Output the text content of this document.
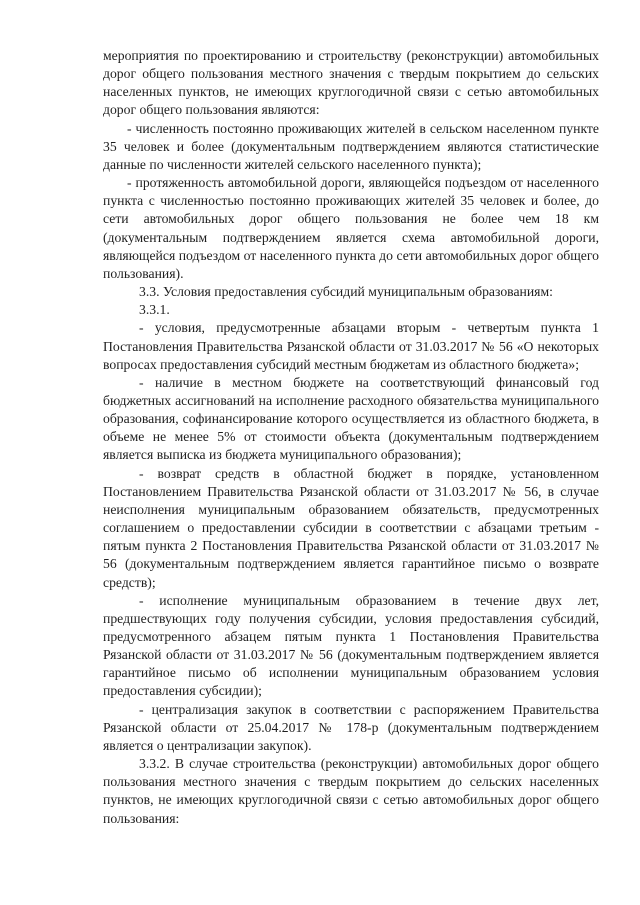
мероприятия по проектированию и строительству (реконструкции) автомобильных дорог общего пользования местного значения с твердым покрытием до сельских населенных пунктов, не имеющих круглогодичной связи с сетью автомобильных дорог общего пользования являются:

- численность постоянно проживающих жителей в сельском населенном пункте 35 человек и более (документальным подтверждением являются статистические данные по численности жителей сельского населенного пункта);

- протяженность автомобильной дороги, являющейся подъездом от населенного пункта с численностью постоянно проживающих жителей 35 человек и более, до сети автомобильных дорог общего пользования не более чем 18 км (документальным подтверждением является схема автомобильной дороги, являющейся подъездом от населенного пункта до сети автомобильных дорог общего пользования).

3.3. Условия предоставления субсидий муниципальным образованиям:

3.3.1.

- условия, предусмотренные абзацами вторым - четвертым пункта 1 Постановления Правительства Рязанской области от 31.03.2017 № 56 «О некоторых вопросах предоставления субсидий местным бюджетам из областного бюджета»;

- наличие в местном бюджете на соответствующий финансовый год бюджетных ассигнований на исполнение расходного обязательства муниципального образования, софинансирование которого осуществляется из областного бюджета, в объеме не менее 5% от стоимости объекта (документальным подтверждением является выписка из бюджета муниципального образования);

- возврат средств в областной бюджет в порядке, установленном Постановлением Правительства Рязанской области от 31.03.2017 № 56, в случае неисполнения муниципальным образованием обязательств, предусмотренных соглашением о предоставлении субсидии в соответствии с абзацами третьим - пятым пункта 2 Постановления Правительства Рязанской области от 31.03.2017 № 56 (документальным подтверждением является гарантийное письмо о возврате средств);

- исполнение муниципальным образованием в течение двух лет, предшествующих году получения субсидии, условия предоставления субсидий, предусмотренного абзацем пятым пункта 1 Постановления Правительства Рязанской области от 31.03.2017 № 56 (документальным подтверждением является гарантийное письмо об исполнении муниципальным образованием условия предоставления субсидии);

- централизация закупок в соответствии с распоряжением Правительства Рязанской области от 25.04.2017 № 178-р (документальным подтверждением является о централизации закупок).

3.3.2. В случае строительства (реконструкции) автомобильных дорог общего пользования местного значения с твердым покрытием до сельских населенных пунктов, не имеющих круглогодичной связи с сетью автомобильных дорог общего пользования:
